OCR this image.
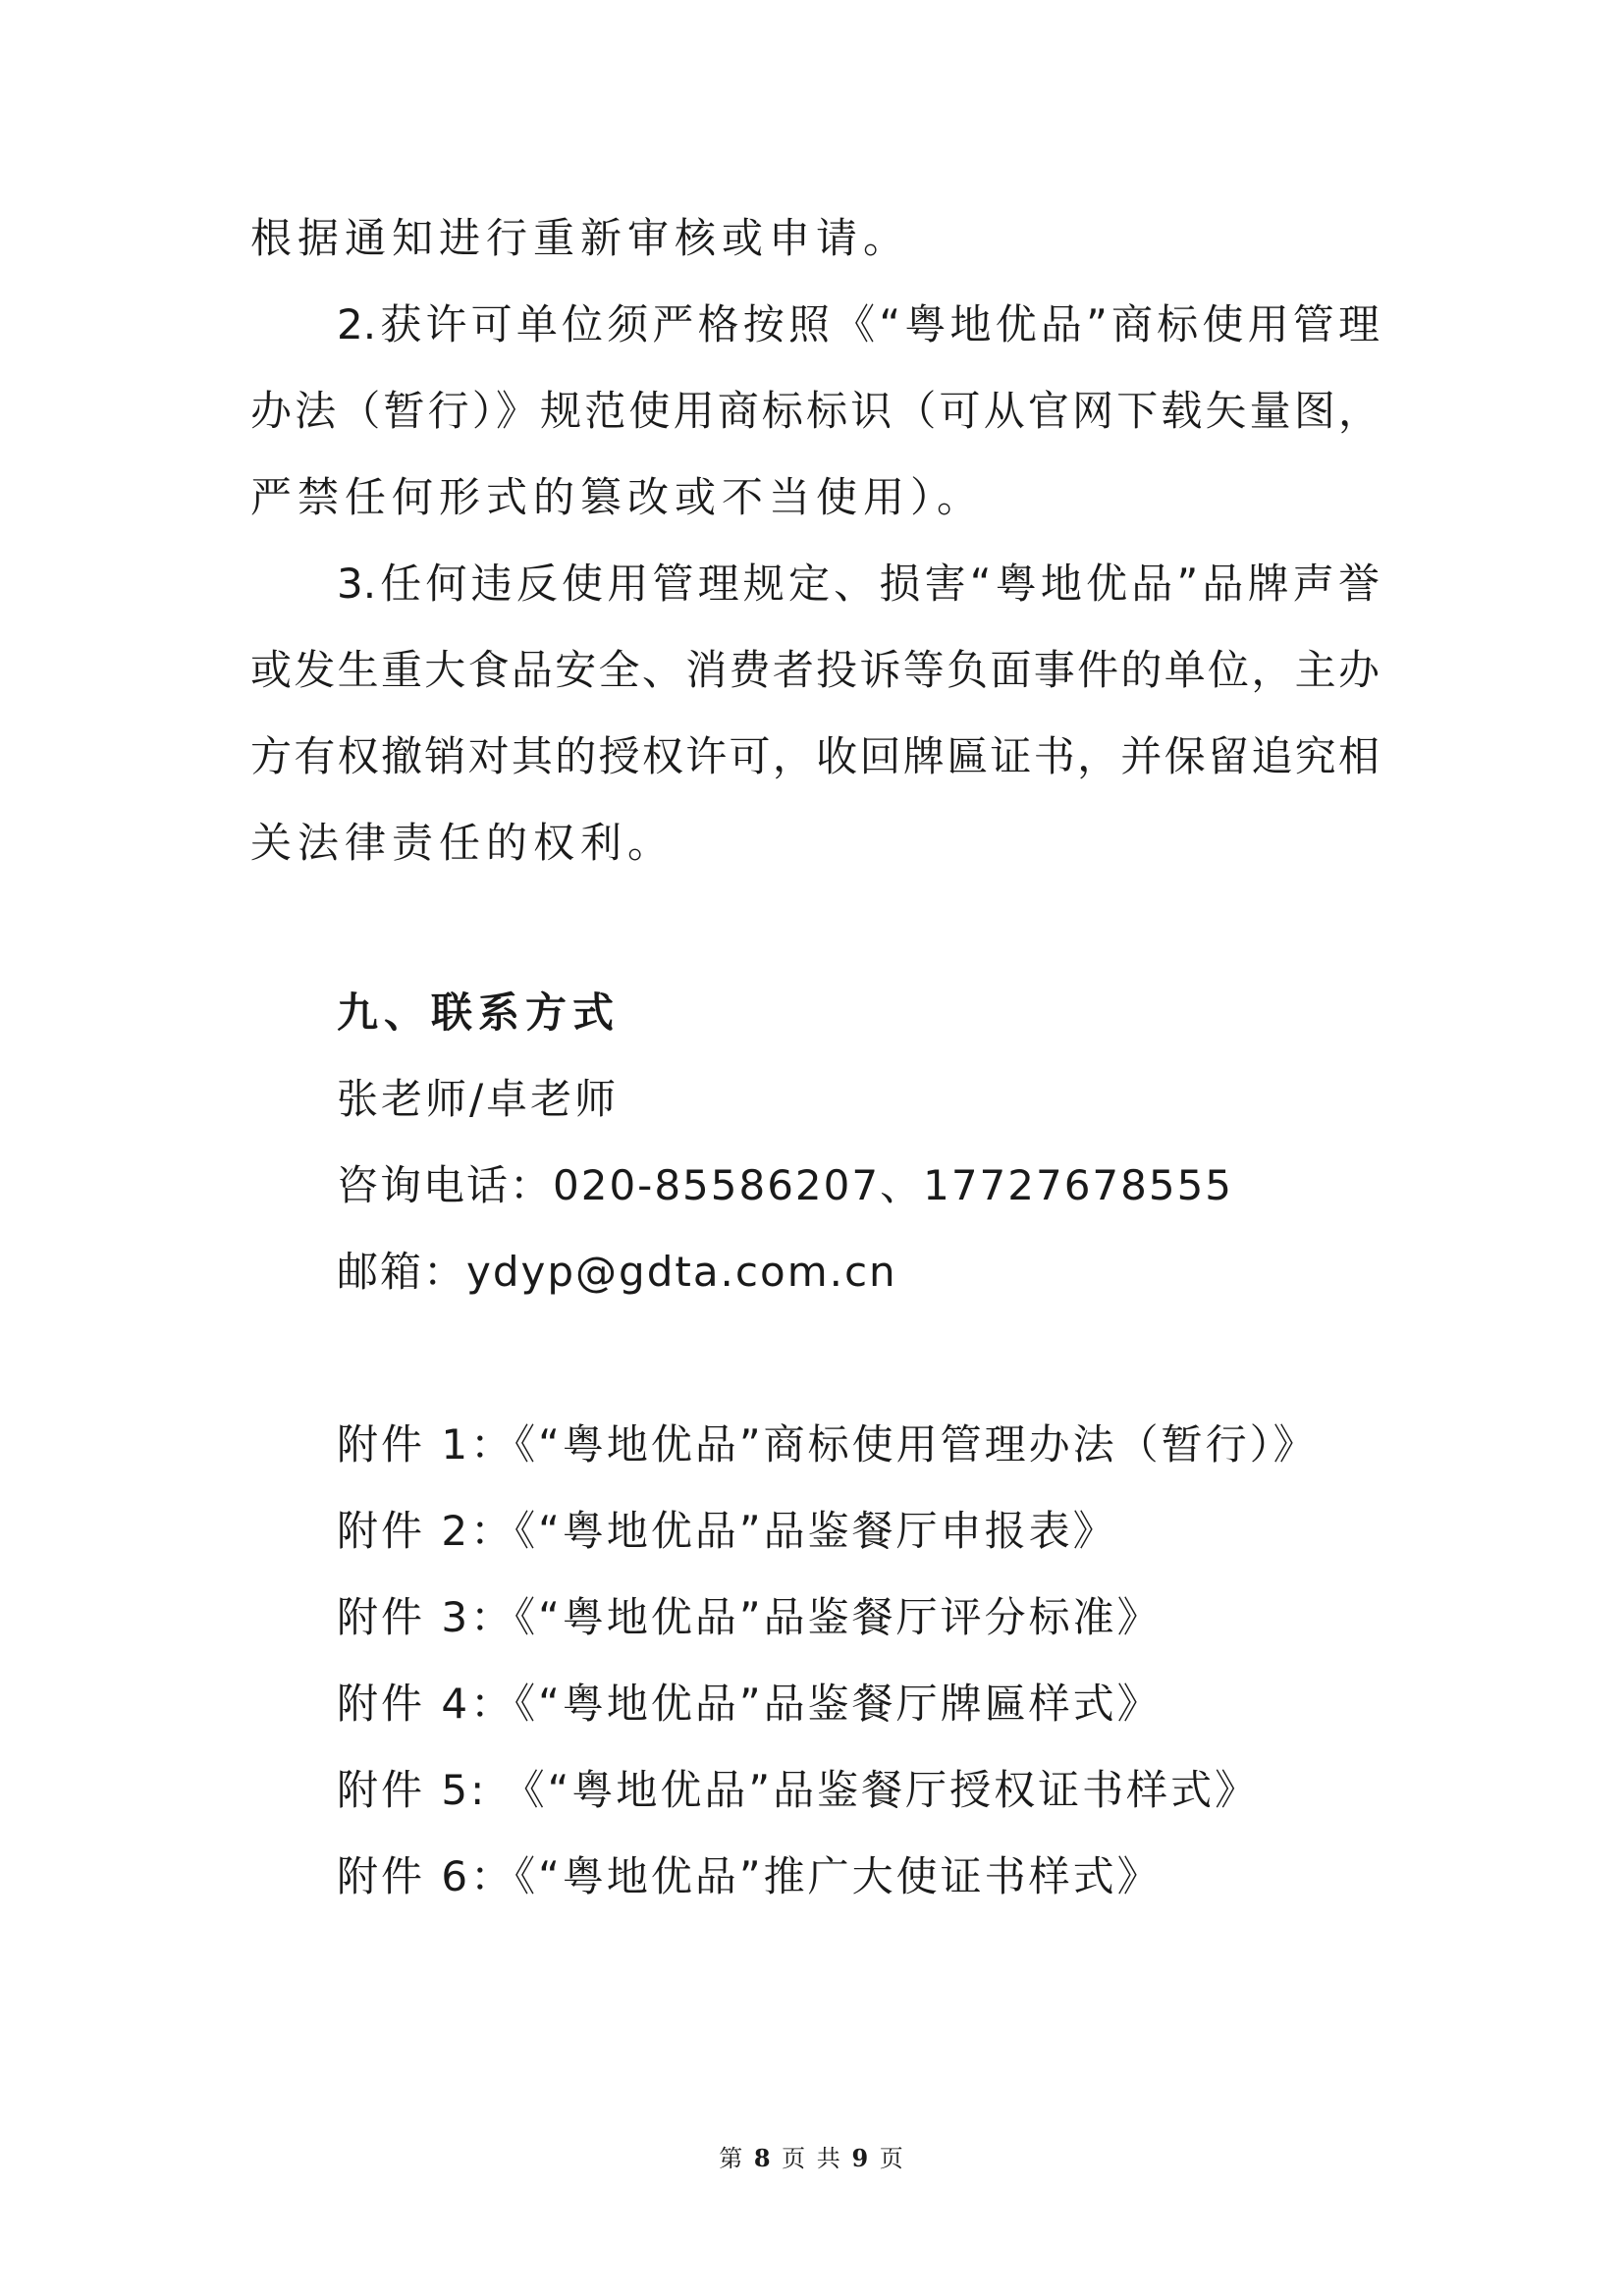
根据通知进行重新审核或申请。
2.获许可单位须严格按照《“粤地优品”商标使用管理
办法（暂行）》规范使用商标标识（可从官网下载矢量图，
严禁任何形式的篡改或不当使用）。
3.任何违反使用管理规定、损害“粤地优品”品牌声誉
或发生重大食品安全、消费者投诉等负面事件的单位，主办
方有权撤销对其的授权许可，收回牌匾证书，并保留追究相
关法律责任的权利。
九、联系方式
张老师/卓老师
咨询电话：020-85586207、17727678555
邮箱：ydyp@gdta.com.cn
附件 1：《“粤地优品”商标使用管理办法（暂行）》
附件 2：《“粤地优品”品鉴餐厅申报表》
附件 3：《“粤地优品”品鉴餐厅评分标准》
附件 4：《“粤地优品”品鉴餐厅牌匾样式》
附件 5: 《“粤地优品”品鉴餐厅授权证书样式》
附件 6：《“粤地优品”推广大使证书样式》
第 8 页 共 9 页
